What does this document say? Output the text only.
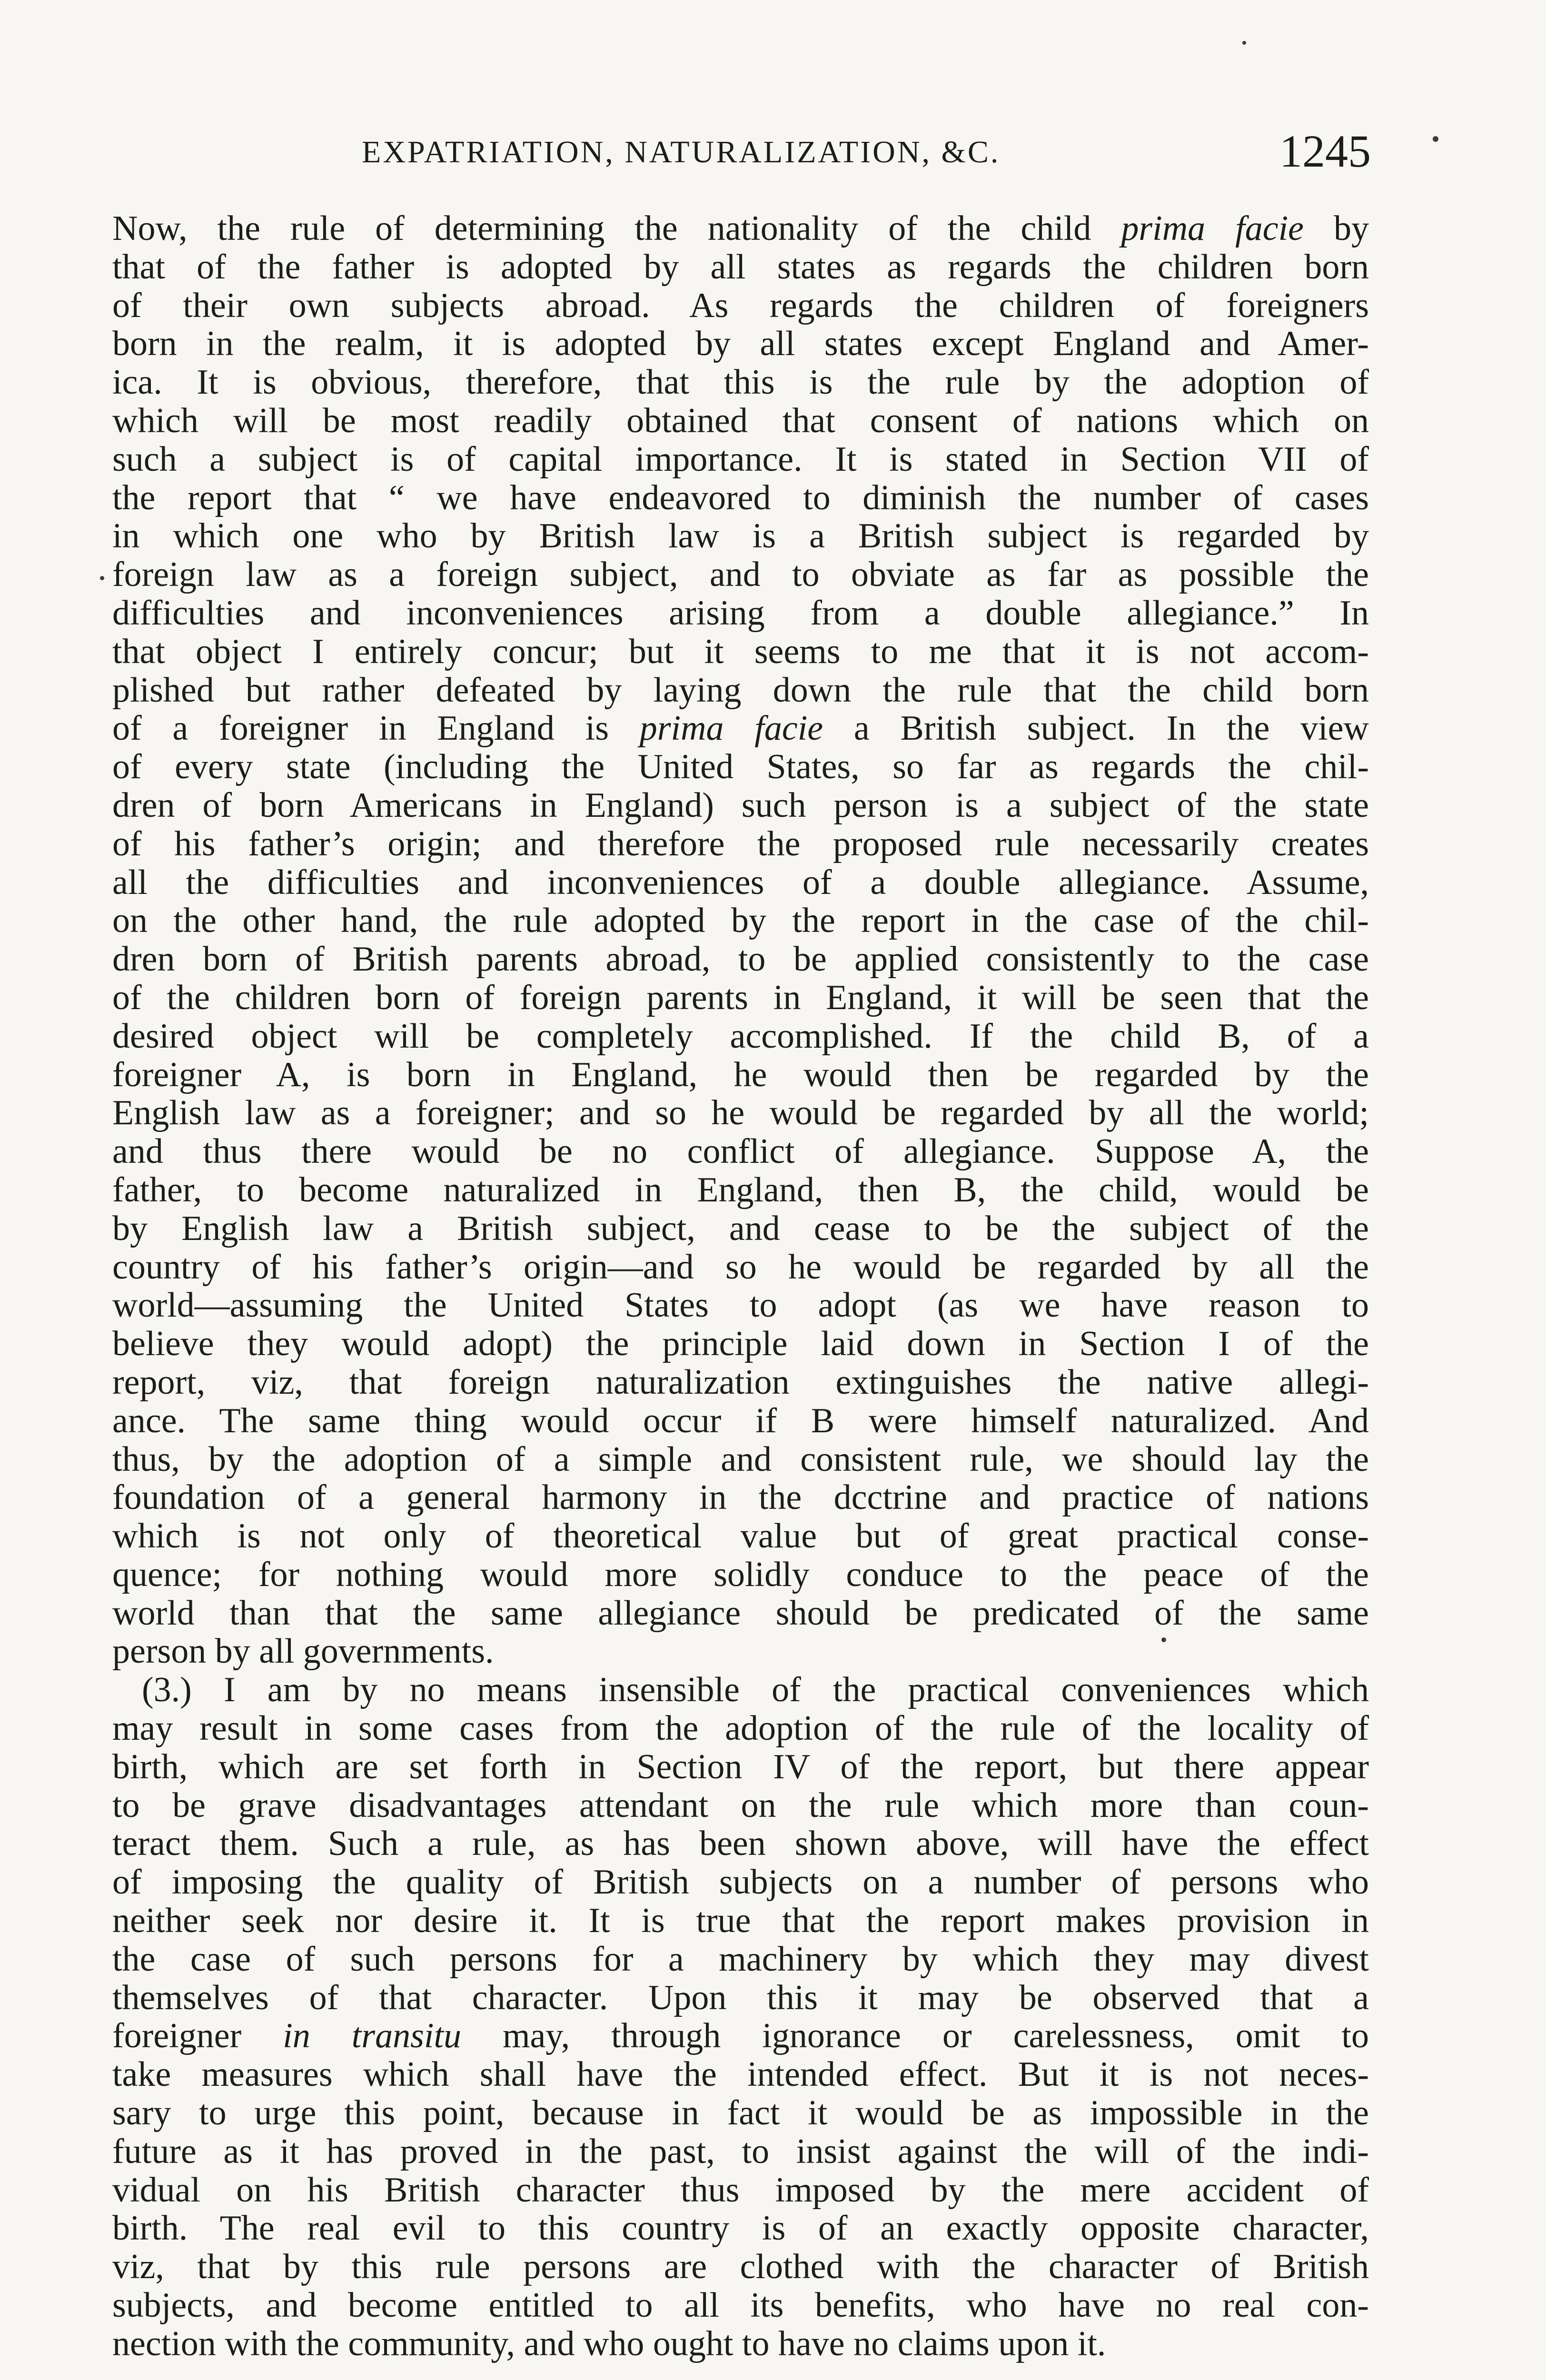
EXPATRIATION, NATURALIZATION, &C.	1245
Now, the rule of determining the nationality of the child prima facie by
that of the father is adopted by all states as regards the children born
of their own subjects abroad. As regards the children of foreigners
born in the realm, it is adopted by all states except England and Amer-
ica. It is obvious, therefore, that this is the rule by the adoption of
which will be most readily obtained that consent of nations which on
such a subject is of capital importance. It is stated in Section VII of
the report that “ we have endeavored to diminish the number of cases
in which one who by British law is a British subject is regarded by
foreign law as a foreign subject, and to obviate as far as possible the
difficulties and inconveniences arising from a double allegiance.” In
that object I entirely concur; but it seems to me that it is not accom-
plished but rather defeated by laying down the rule that the child born
of a foreigner in England is prima facie a British subject. In the view
of every state (including the United States, so far as regards the chil-
dren of born Americans in England) such person is a subject of the state
of his father’s origin; and therefore the proposed rule necessarily creates
all the difficulties and inconveniences of a double allegiance. Assume,
on the other hand, the rule adopted by the report in the case of the chil-
dren born of British parents abroad, to be applied consistently to the case
of the children born of foreign parents in England, it will be seen that the
desired object will be completely accomplished. If the child B, of a
foreigner A, is born in England, he would then be regarded by the
English law as a foreigner; and so he would be regarded by all the world;
and thus there would be no conflict of allegiance. Suppose A, the
father, to become naturalized in England, then B, the child, would be
by English law a British subject, and cease to be the subject of the
country of his father’s origin—and so he would be regarded by all the
world—assuming the United States to adopt (as we have reason to
believe they would adopt) the principle laid down in Section I of the
report, viz, that foreign naturalization extinguishes the native allegi-
ance. The same thing would occur if B were himself naturalized. And
thus, by the adoption of a simple and consistent rule, we should lay the
foundation of a general harmony in the dcctrine and practice of nations
which is not only of theoretical value but of great practical conse-
quence; for nothing would more solidly conduce to the peace of the
world than that the same allegiance should be predicated of the same
person by all governments.
(3.) I am by no means insensible of the practical conveniences which
may result in some cases from the adoption of the rule of the locality of
birth, which are set forth in Section IV of the report, but there appear
to be grave disadvantages attendant on the rule which more than coun-
teract them. Such a rule, as has been shown above, will have the effect
of imposing the quality of British subjects on a number of persons who
neither seek nor desire it. It is true that the report makes provision in
the case of such persons for a machinery by which they may divest
themselves of that character. Upon this it may be observed that a
foreigner in transitu may, through ignorance or carelessness, omit to
take measures which shall have the intended effect. But it is not neces-
sary to urge this point, because in fact it would be as impossible in the
future as it has proved in the past, to insist against the will of the indi-
vidual on his British character thus imposed by the mere accident of
birth. The real evil to this country is of an exactly opposite character,
viz, that by this rule persons are clothed with the character of British
subjects, and become entitled to all its benefits, who have no real con-
nection with the community, and who ought to have no claims upon it.
